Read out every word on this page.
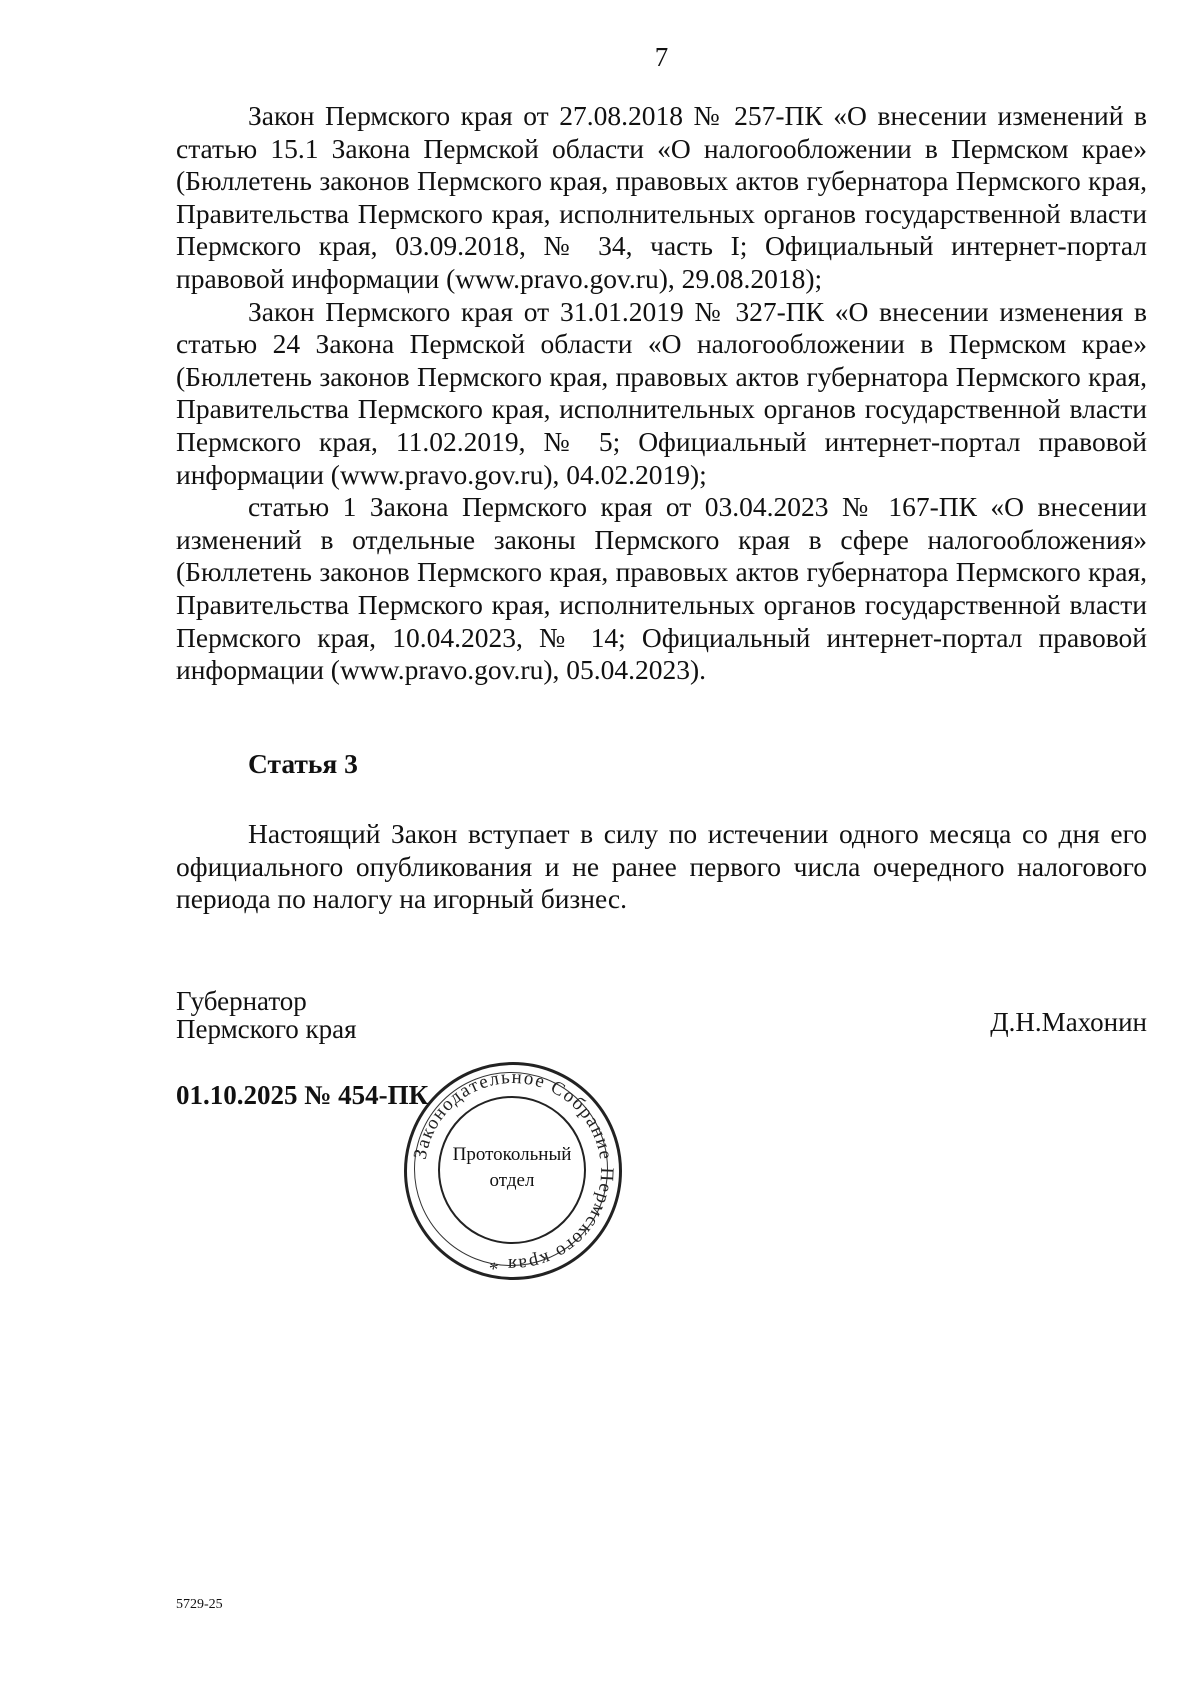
7

Закон Пермского края от 27.08.2018 № 257-ПК «О внесении изменений в статью 15.1 Закона Пермской области «О налогообложении в Пермском крае» (Бюллетень законов Пермского края, правовых актов губернатора Пермского края, Правительства Пермского края, исполнительных органов государственной власти Пермского края, 03.09.2018, № 34, часть I; Официальный интернет-портал правовой информации (www.pravo.gov.ru), 29.08.2018);

Закон Пермского края от 31.01.2019 № 327-ПК «О внесении изменения в статью 24 Закона Пермской области «О налогообложении в Пермском крае» (Бюллетень законов Пермского края, правовых актов губернатора Пермского края, Правительства Пермского края, исполнительных органов государственной власти Пермского края, 11.02.2019, № 5; Официальный интернет-портал правовой информации (www.pravo.gov.ru), 04.02.2019);

статью 1 Закона Пермского края от 03.04.2023 № 167-ПК «О внесении изменений в отдельные законы Пермского края в сфере налогообложения» (Бюллетень законов Пермского края, правовых актов губернатора Пермского края, Правительства Пермского края, исполнительных органов государственной власти Пермского края, 10.04.2023, № 14; Официальный интернет-портал правовой информации (www.pravo.gov.ru), 05.04.2023).

Статья 3

Настоящий Закон вступает в силу по истечении одного месяца со дня его официального опубликования и не ранее первого числа очередного налогового периода по налогу на игорный бизнес.

Губернатор
Пермского края	Д.Н.Махонин
01.10.2025 № 454-ПК
Законодательное Собрание Пермского края *
Протокольный
отдел
5729-25
